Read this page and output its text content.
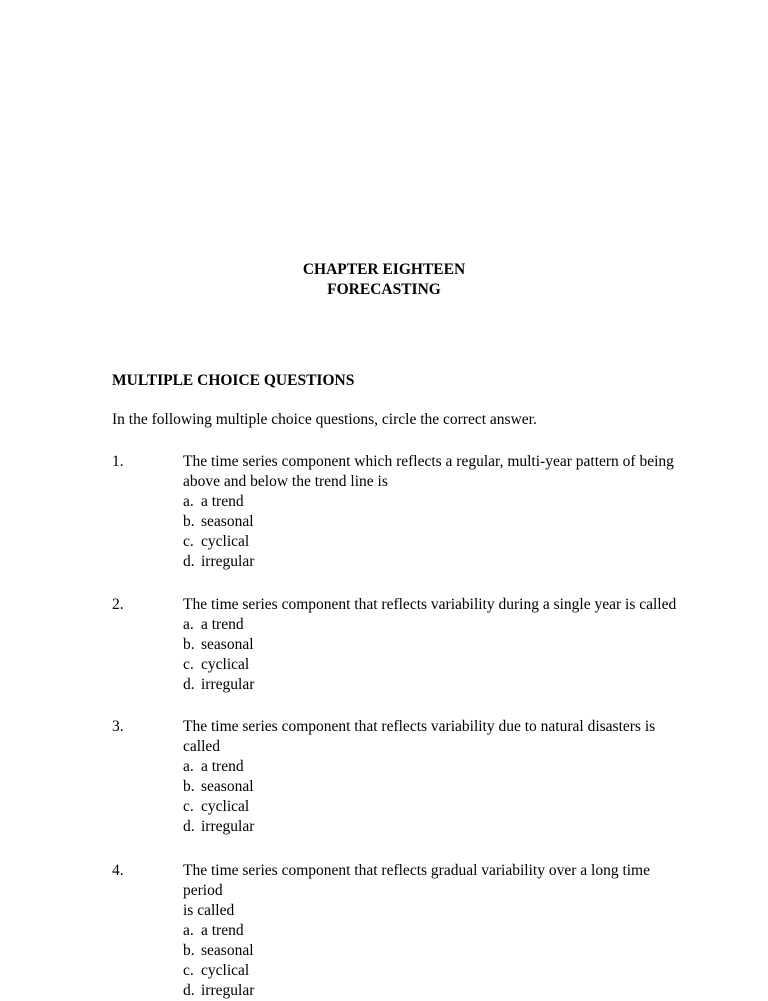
CHAPTER EIGHTEEN
FORECASTING
MULTIPLE CHOICE QUESTIONS
In the following multiple choice questions, circle the correct answer.
1.	The time series component which reflects a regular, multi-year pattern of being

above and below the trend line is

a. a trend
b. seasonal
c. cyclical
d. irregular
2.	The time series component that reflects variability during a single year is called

a. a trend
b. seasonal
c. cyclical
d. irregular
3.	The time series component that reflects variability due to natural disasters is

called

a. a trend
b. seasonal
c. cyclical
d. irregular
4.	The time series component that reflects gradual variability over a long time period

is called

a. a trend
b. seasonal
c. cyclical
d. irregular
